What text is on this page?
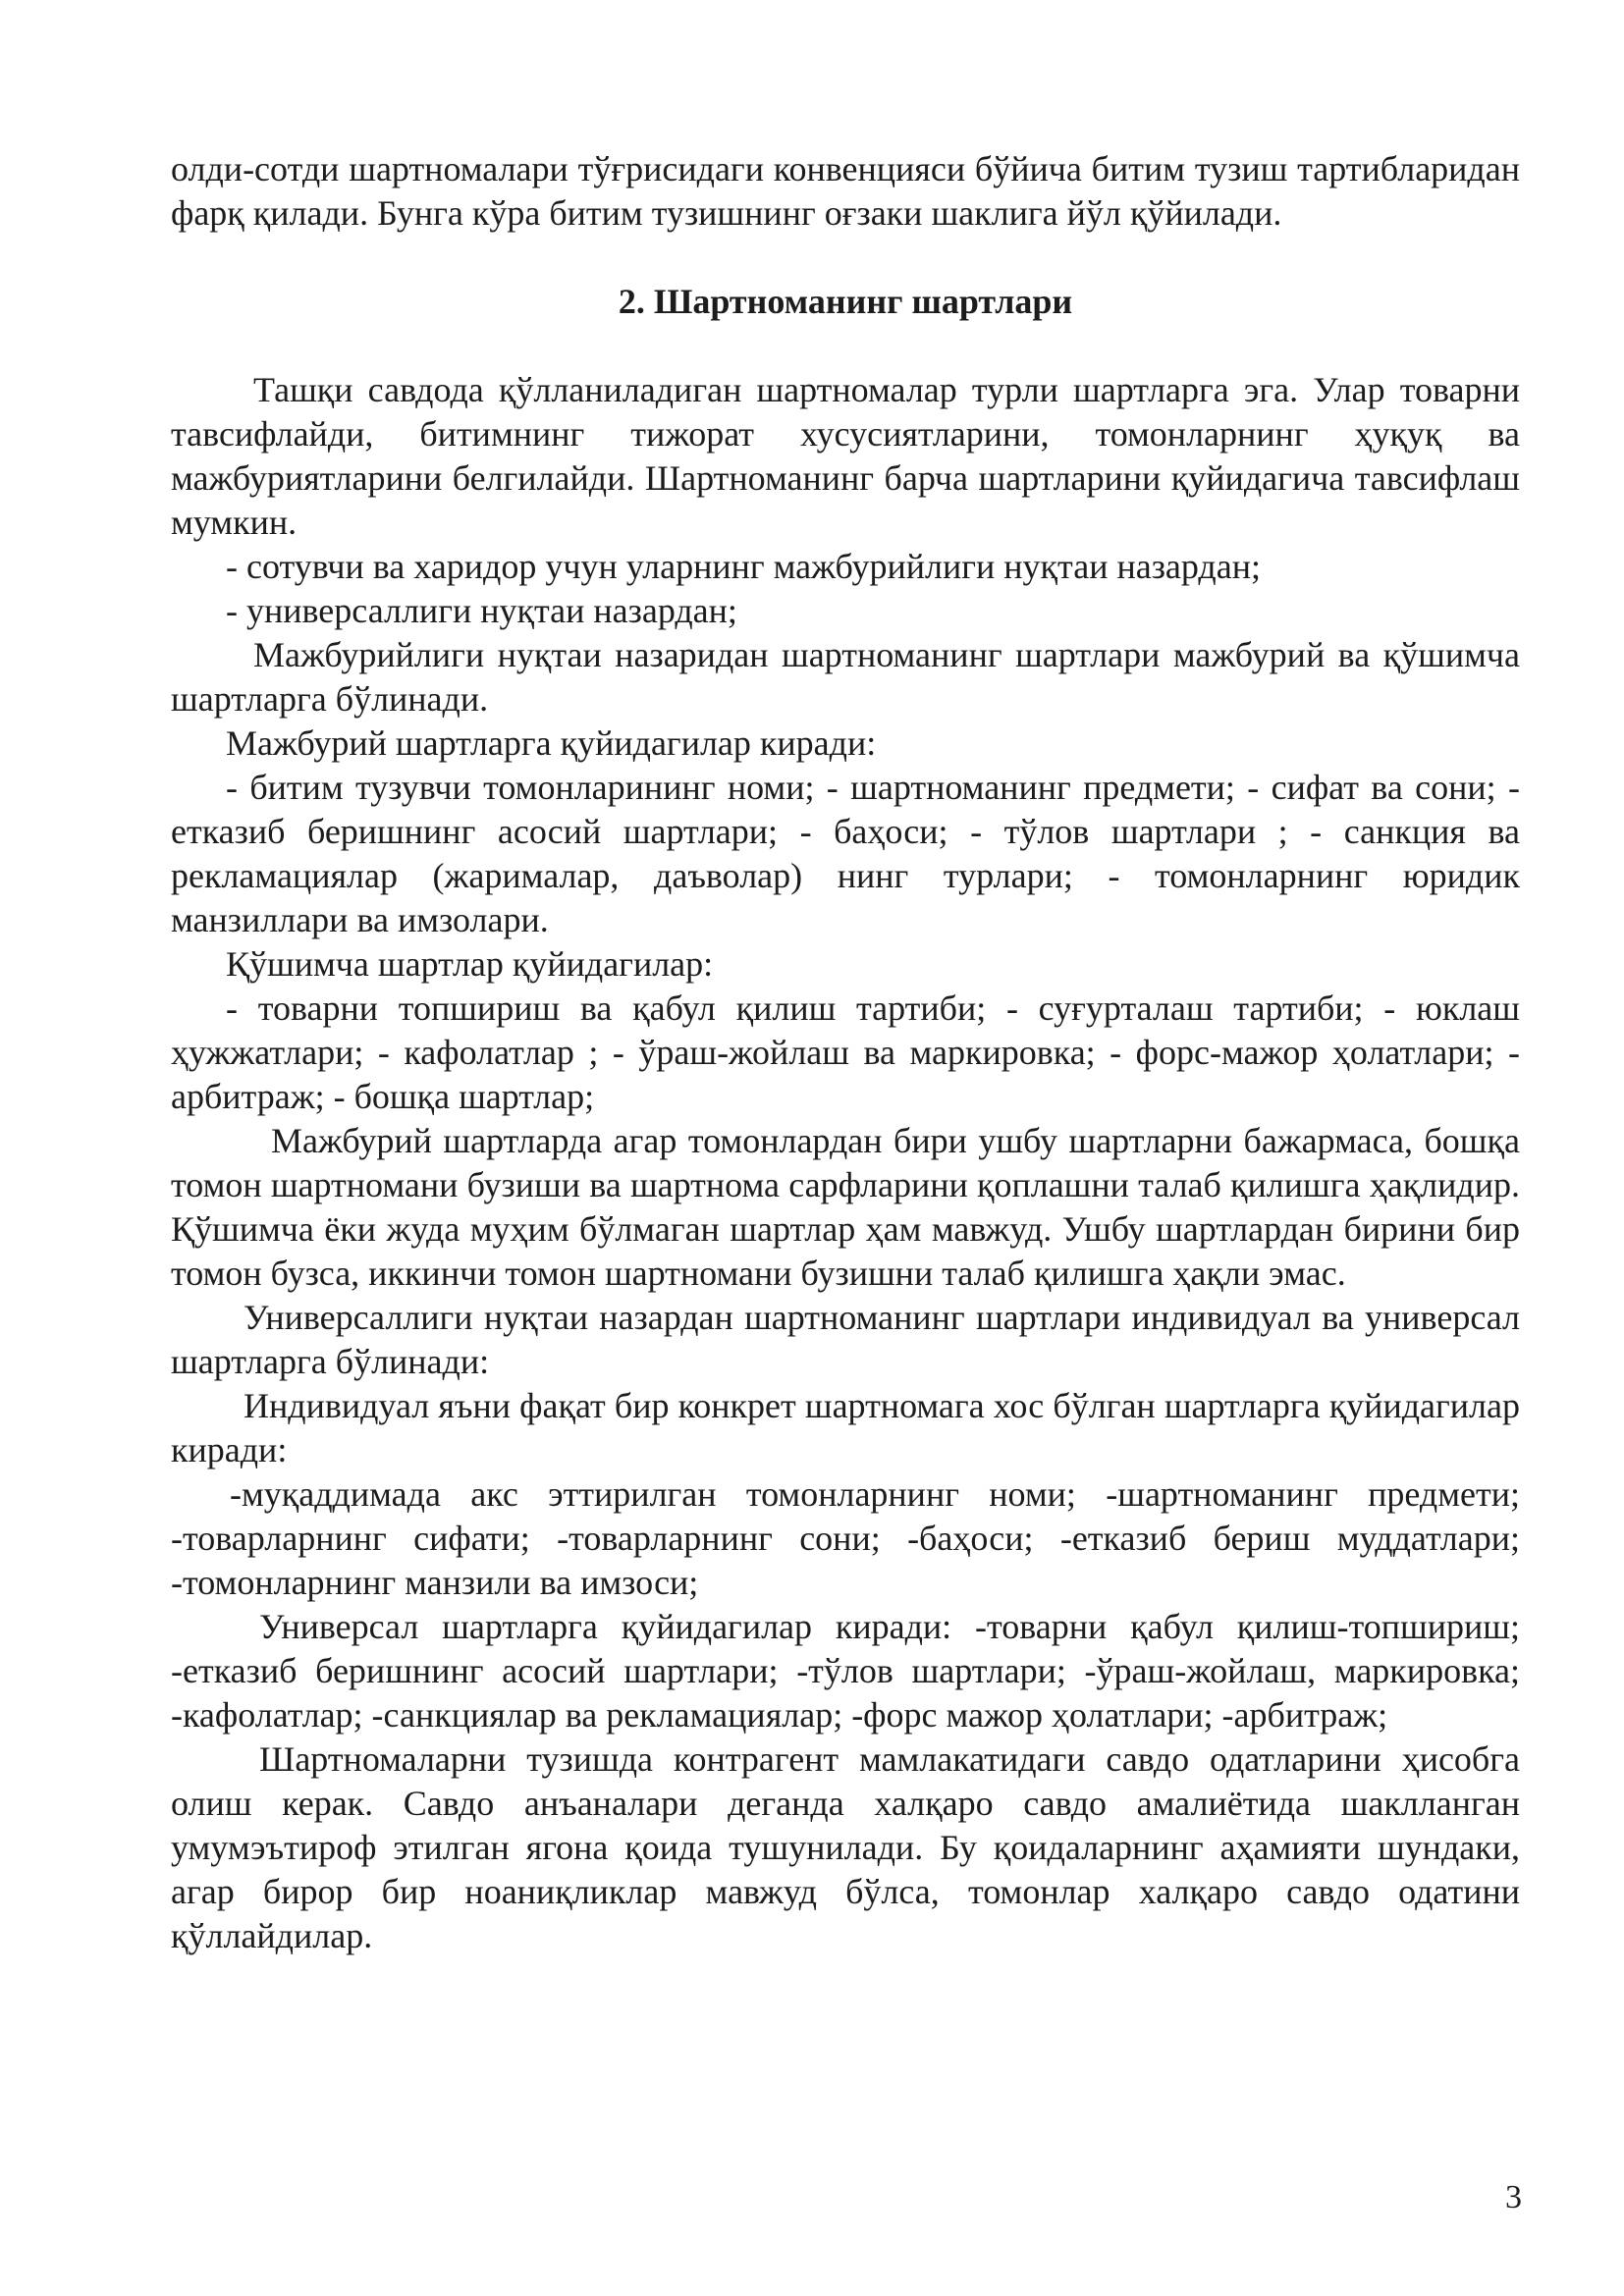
олди-сотди шартномалари тўғрисидаги конвенцияси бўйича битим тузиш тартибларидан фарқ қилади. Бунга кўра битим тузишнинг оғзаки шаклига йўл қўйилади.

2. Шартноманинг шартлари

Ташқи савдода қўлланиладиган шартномалар турли шартларга эга. Улар товарни тавсифлайди, битимнинг тижорат хусусиятларини, томонларнинг ҳуқуқ ва мажбуриятларини белгилайди. Шартноманинг барча шартларини қуйидагича тавсифлаш мумкин.

- сотувчи ва харидор учун уларнинг мажбурийлиги нуқтаи назардан;

- универсаллиги нуқтаи назардан;

Мажбурийлиги нуқтаи назаридан шартноманинг шартлари мажбурий ва қўшимча шартларга бўлинади.

Мажбурий шартларга қуйидагилар киради:

- битим тузувчи томонларининг номи; - шартноманинг предмети; - сифат ва сони; - етказиб беришнинг асосий шартлари; - баҳоси; - тўлов шартлари ; - санкция ва рекламациялар (жарималар, даъволар) нинг турлари; - томонларнинг юридик манзиллари ва имзолари.

Қўшимча шартлар қуйидагилар:

- товарни топшириш ва қабул қилиш тартиби; - суғурталаш тартиби; - юклаш ҳужжатлари; - кафолатлар ; - ўраш-жойлаш ва маркировка; - форс-мажор ҳолатлари; - арбитраж; - бошқа шартлар;

Мажбурий шартларда агар томонлардан бири ушбу шартларни бажармаса, бошқа томон шартномани бузиши ва шартнома сарфларини қоплашни талаб қилишга ҳақлидир. Қўшимча ёки жуда муҳим бўлмаган шартлар ҳам мавжуд. Ушбу шартлардан бирини бир томон бузса, иккинчи томон шартномани бузишни талаб қилишга ҳақли эмас.

Универсаллиги нуқтаи назардан шартноманинг шартлари индивидуал ва универсал шартларга бўлинади:

Индивидуал яъни фақат бир конкрет шартномага хос бўлган шартларга қуйидагилар киради:

-муқаддимада акс эттирилган томонларнинг номи; -шартноманинг предмети; -товарларнинг сифати; -товарларнинг сони; -баҳоси; -етказиб бериш муддатлари; -томонларнинг манзили ва имзоси;

Универсал шартларга қуйидагилар киради: -товарни қабул қилиш-топшириш; -етказиб беришнинг асосий шартлари; -тўлов шартлари; -ўраш-жойлаш, маркировка; -кафолатлар; -санкциялар ва рекламациялар; -форс мажор ҳолатлари; -арбитраж;

Шартномаларни тузишда контрагент мамлакатидаги савдо одатларини ҳисобга олиш керак. Савдо анъаналари деганда халқаро савдо амалиётида шаклланган умумэътироф этилган ягона қоида тушунилади. Бу қоидаларнинг аҳамияти шундаки, агар бирор бир ноаниқликлар мавжуд бўлса, томонлар халқаро савдо одатини қўллайдилар.

3
